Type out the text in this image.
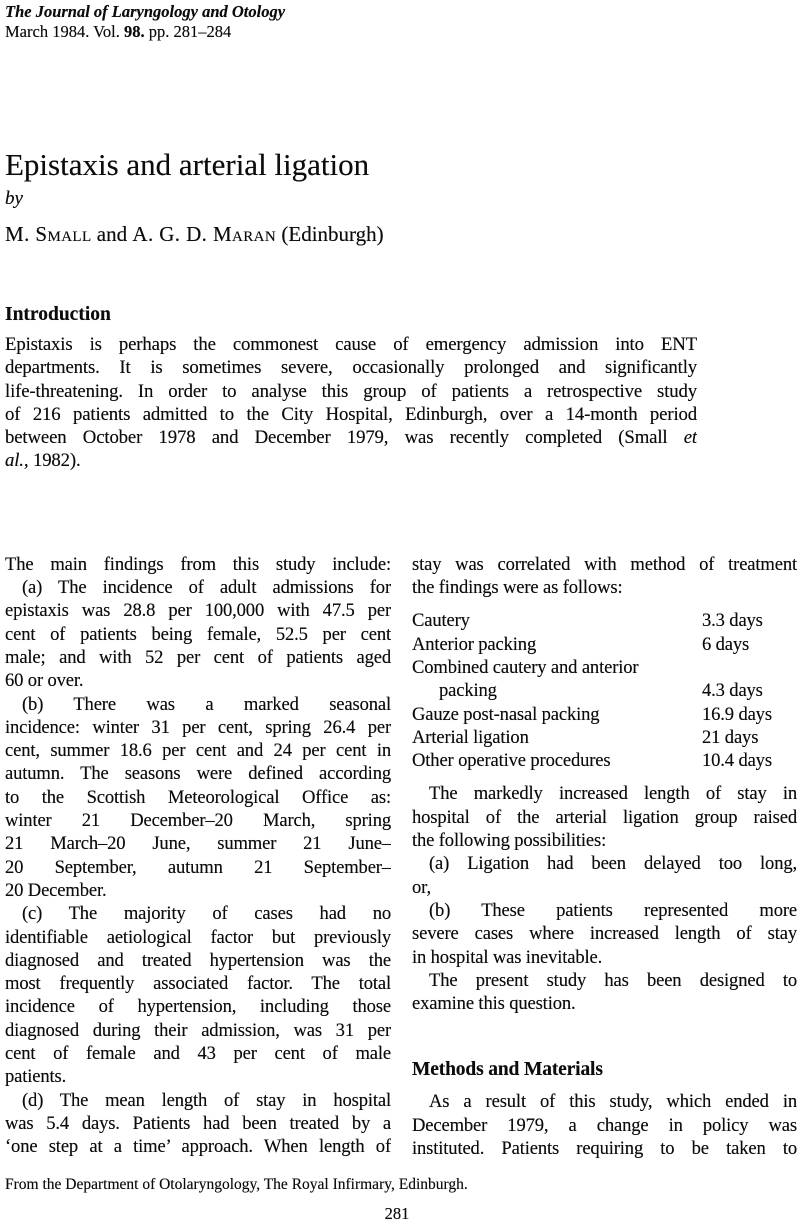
The Journal of Laryngology and Otology
March 1984. Vol. 98. pp. 281–284
Epistaxis and arterial ligation
by
M. Small and A. G. D. Maran (Edinburgh)
Introduction
Epistaxis is perhaps the commonest cause of emergency admission into ENT
departments. It is sometimes severe, occasionally prolonged and significantly
life-threatening. In order to analyse this group of patients a retrospective study
of 216 patients admitted to the City Hospital, Edinburgh, over a 14-month period
between October 1978 and December 1979, was recently completed (Small et
al., 1982).
The main findings from this study include:
(a) The incidence of adult admissions for
epistaxis was 28.8 per 100,000 with 47.5 per
cent of patients being female, 52.5 per cent
male; and with 52 per cent of patients aged
60 or over.
(b) There was a marked seasonal
incidence: winter 31 per cent, spring 26.4 per
cent, summer 18.6 per cent and 24 per cent in
autumn. The seasons were defined according
to the Scottish Meteorological Office as:
winter 21 December–20 March, spring
21 March–20 June, summer 21 June–
20 September, autumn 21 September–
20 December.
(c) The majority of cases had no
identifiable aetiological factor but previously
diagnosed and treated hypertension was the
most frequently associated factor. The total
incidence of hypertension, including those
diagnosed during their admission, was 31 per
cent of female and 43 per cent of male
patients.
(d) The mean length of stay in hospital
was 5.4 days. Patients had been treated by a
‘one step at a time’ approach. When length of
stay was correlated with method of treatment
the findings were as follows:
Cautery	3.3 days
Anterior packing	6 days
Combined cautery and anterior
packing	4.3 days
Gauze post-nasal packing	16.9 days
Arterial ligation	21 days
Other operative procedures	10.4 days
The markedly increased length of stay in
hospital of the arterial ligation group raised
the following possibilities:
(a) Ligation had been delayed too long,
or,
(b) These patients represented more
severe cases where increased length of stay
in hospital was inevitable.
The present study has been designed to
examine this question.
Methods and Materials
As a result of this study, which ended in
December 1979, a change in policy was
instituted. Patients requiring to be taken to
From the Department of Otolaryngology, The Royal Infirmary, Edinburgh.
281
